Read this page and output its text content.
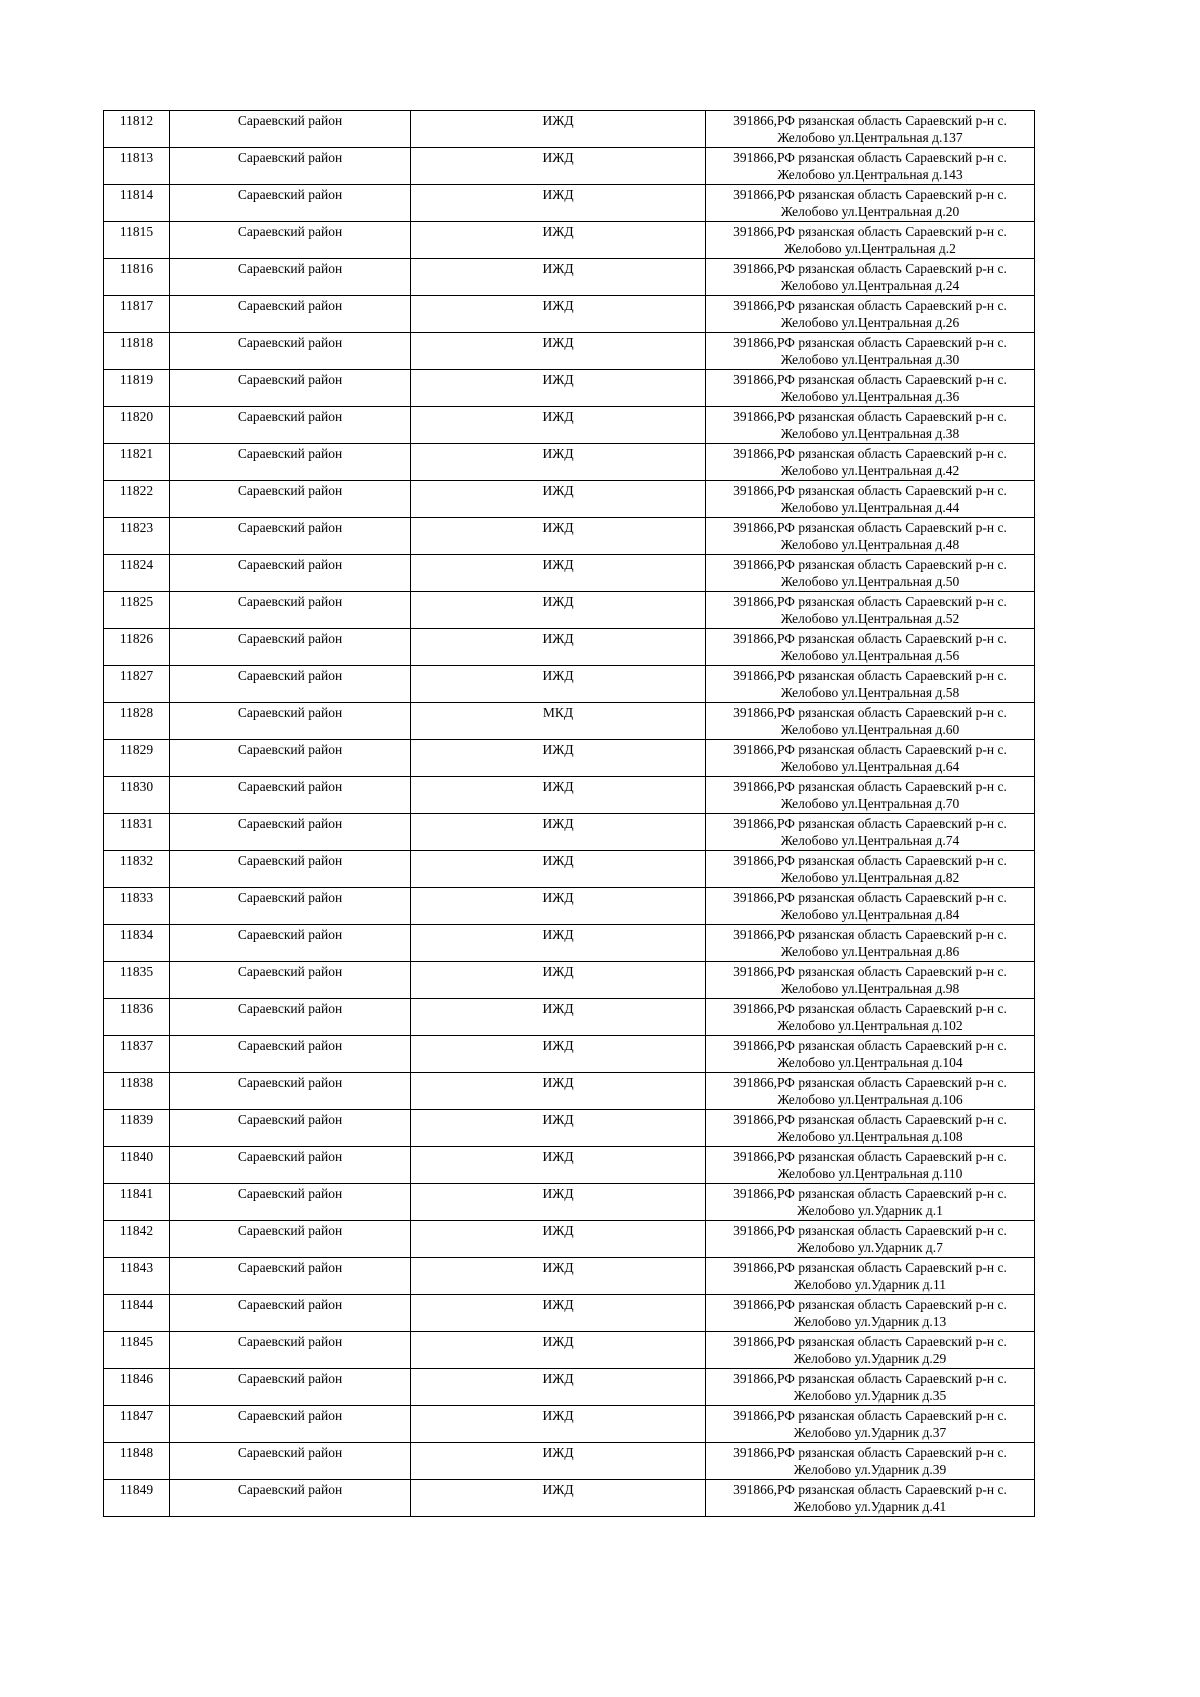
11812	Сараевский район	ИЖД	391866,РФ рязанская область Сараевский р-н с. Желобово ул.Центральная д.137
11813	Сараевский район	ИЖД	391866,РФ рязанская область Сараевский р-н с. Желобово ул.Центральная д.143
11814	Сараевский район	ИЖД	391866,РФ рязанская область Сараевский р-н с. Желобово ул.Центральная д.20
11815	Сараевский район	ИЖД	391866,РФ рязанская область Сараевский р-н с. Желобово ул.Центральная д.2
11816	Сараевский район	ИЖД	391866,РФ рязанская область Сараевский р-н с. Желобово ул.Центральная д.24
11817	Сараевский район	ИЖД	391866,РФ рязанская область Сараевский р-н с. Желобово ул.Центральная д.26
11818	Сараевский район	ИЖД	391866,РФ рязанская область Сараевский р-н с. Желобово ул.Центральная д.30
11819	Сараевский район	ИЖД	391866,РФ рязанская область Сараевский р-н с. Желобово ул.Центральная д.36
11820	Сараевский район	ИЖД	391866,РФ рязанская область Сараевский р-н с. Желобово ул.Центральная д.38
11821	Сараевский район	ИЖД	391866,РФ рязанская область Сараевский р-н с. Желобово ул.Центральная д.42
11822	Сараевский район	ИЖД	391866,РФ рязанская область Сараевский р-н с. Желобово ул.Центральная д.44
11823	Сараевский район	ИЖД	391866,РФ рязанская область Сараевский р-н с. Желобово ул.Центральная д.48
11824	Сараевский район	ИЖД	391866,РФ рязанская область Сараевский р-н с. Желобово ул.Центральная д.50
11825	Сараевский район	ИЖД	391866,РФ рязанская область Сараевский р-н с. Желобово ул.Центральная д.52
11826	Сараевский район	ИЖД	391866,РФ рязанская область Сараевский р-н с. Желобово ул.Центральная д.56
11827	Сараевский район	ИЖД	391866,РФ рязанская область Сараевский р-н с. Желобово ул.Центральная д.58
11828	Сараевский район	МКД	391866,РФ рязанская область Сараевский р-н с. Желобово ул.Центральная д.60
11829	Сараевский район	ИЖД	391866,РФ рязанская область Сараевский р-н с. Желобово ул.Центральная д.64
11830	Сараевский район	ИЖД	391866,РФ рязанская область Сараевский р-н с. Желобово ул.Центральная д.70
11831	Сараевский район	ИЖД	391866,РФ рязанская область Сараевский р-н с. Желобово ул.Центральная д.74
11832	Сараевский район	ИЖД	391866,РФ рязанская область Сараевский р-н с. Желобово ул.Центральная д.82
11833	Сараевский район	ИЖД	391866,РФ рязанская область Сараевский р-н с. Желобово ул.Центральная д.84
11834	Сараевский район	ИЖД	391866,РФ рязанская область Сараевский р-н с. Желобово ул.Центральная д.86
11835	Сараевский район	ИЖД	391866,РФ рязанская область Сараевский р-н с. Желобово ул.Центральная д.98
11836	Сараевский район	ИЖД	391866,РФ рязанская область Сараевский р-н с. Желобово ул.Центральная д.102
11837	Сараевский район	ИЖД	391866,РФ рязанская область Сараевский р-н с. Желобово ул.Центральная д.104
11838	Сараевский район	ИЖД	391866,РФ рязанская область Сараевский р-н с. Желобово ул.Центральная д.106
11839	Сараевский район	ИЖД	391866,РФ рязанская область Сараевский р-н с. Желобово ул.Центральная д.108
11840	Сараевский район	ИЖД	391866,РФ рязанская область Сараевский р-н с. Желобово ул.Центральная д.110
11841	Сараевский район	ИЖД	391866,РФ рязанская область Сараевский р-н с. Желобово ул.Ударник д.1
11842	Сараевский район	ИЖД	391866,РФ рязанская область Сараевский р-н с. Желобово ул.Ударник д.7
11843	Сараевский район	ИЖД	391866,РФ рязанская область Сараевский р-н с. Желобово ул.Ударник д.11
11844	Сараевский район	ИЖД	391866,РФ рязанская область Сараевский р-н с. Желобово ул.Ударник д.13
11845	Сараевский район	ИЖД	391866,РФ рязанская область Сараевский р-н с. Желобово ул.Ударник д.29
11846	Сараевский район	ИЖД	391866,РФ рязанская область Сараевский р-н с. Желобово ул.Ударник д.35
11847	Сараевский район	ИЖД	391866,РФ рязанская область Сараевский р-н с. Желобово ул.Ударник д.37
11848	Сараевский район	ИЖД	391866,РФ рязанская область Сараевский р-н с. Желобово ул.Ударник д.39
11849	Сараевский район	ИЖД	391866,РФ рязанская область Сараевский р-н с. Желобово ул.Ударник д.41
